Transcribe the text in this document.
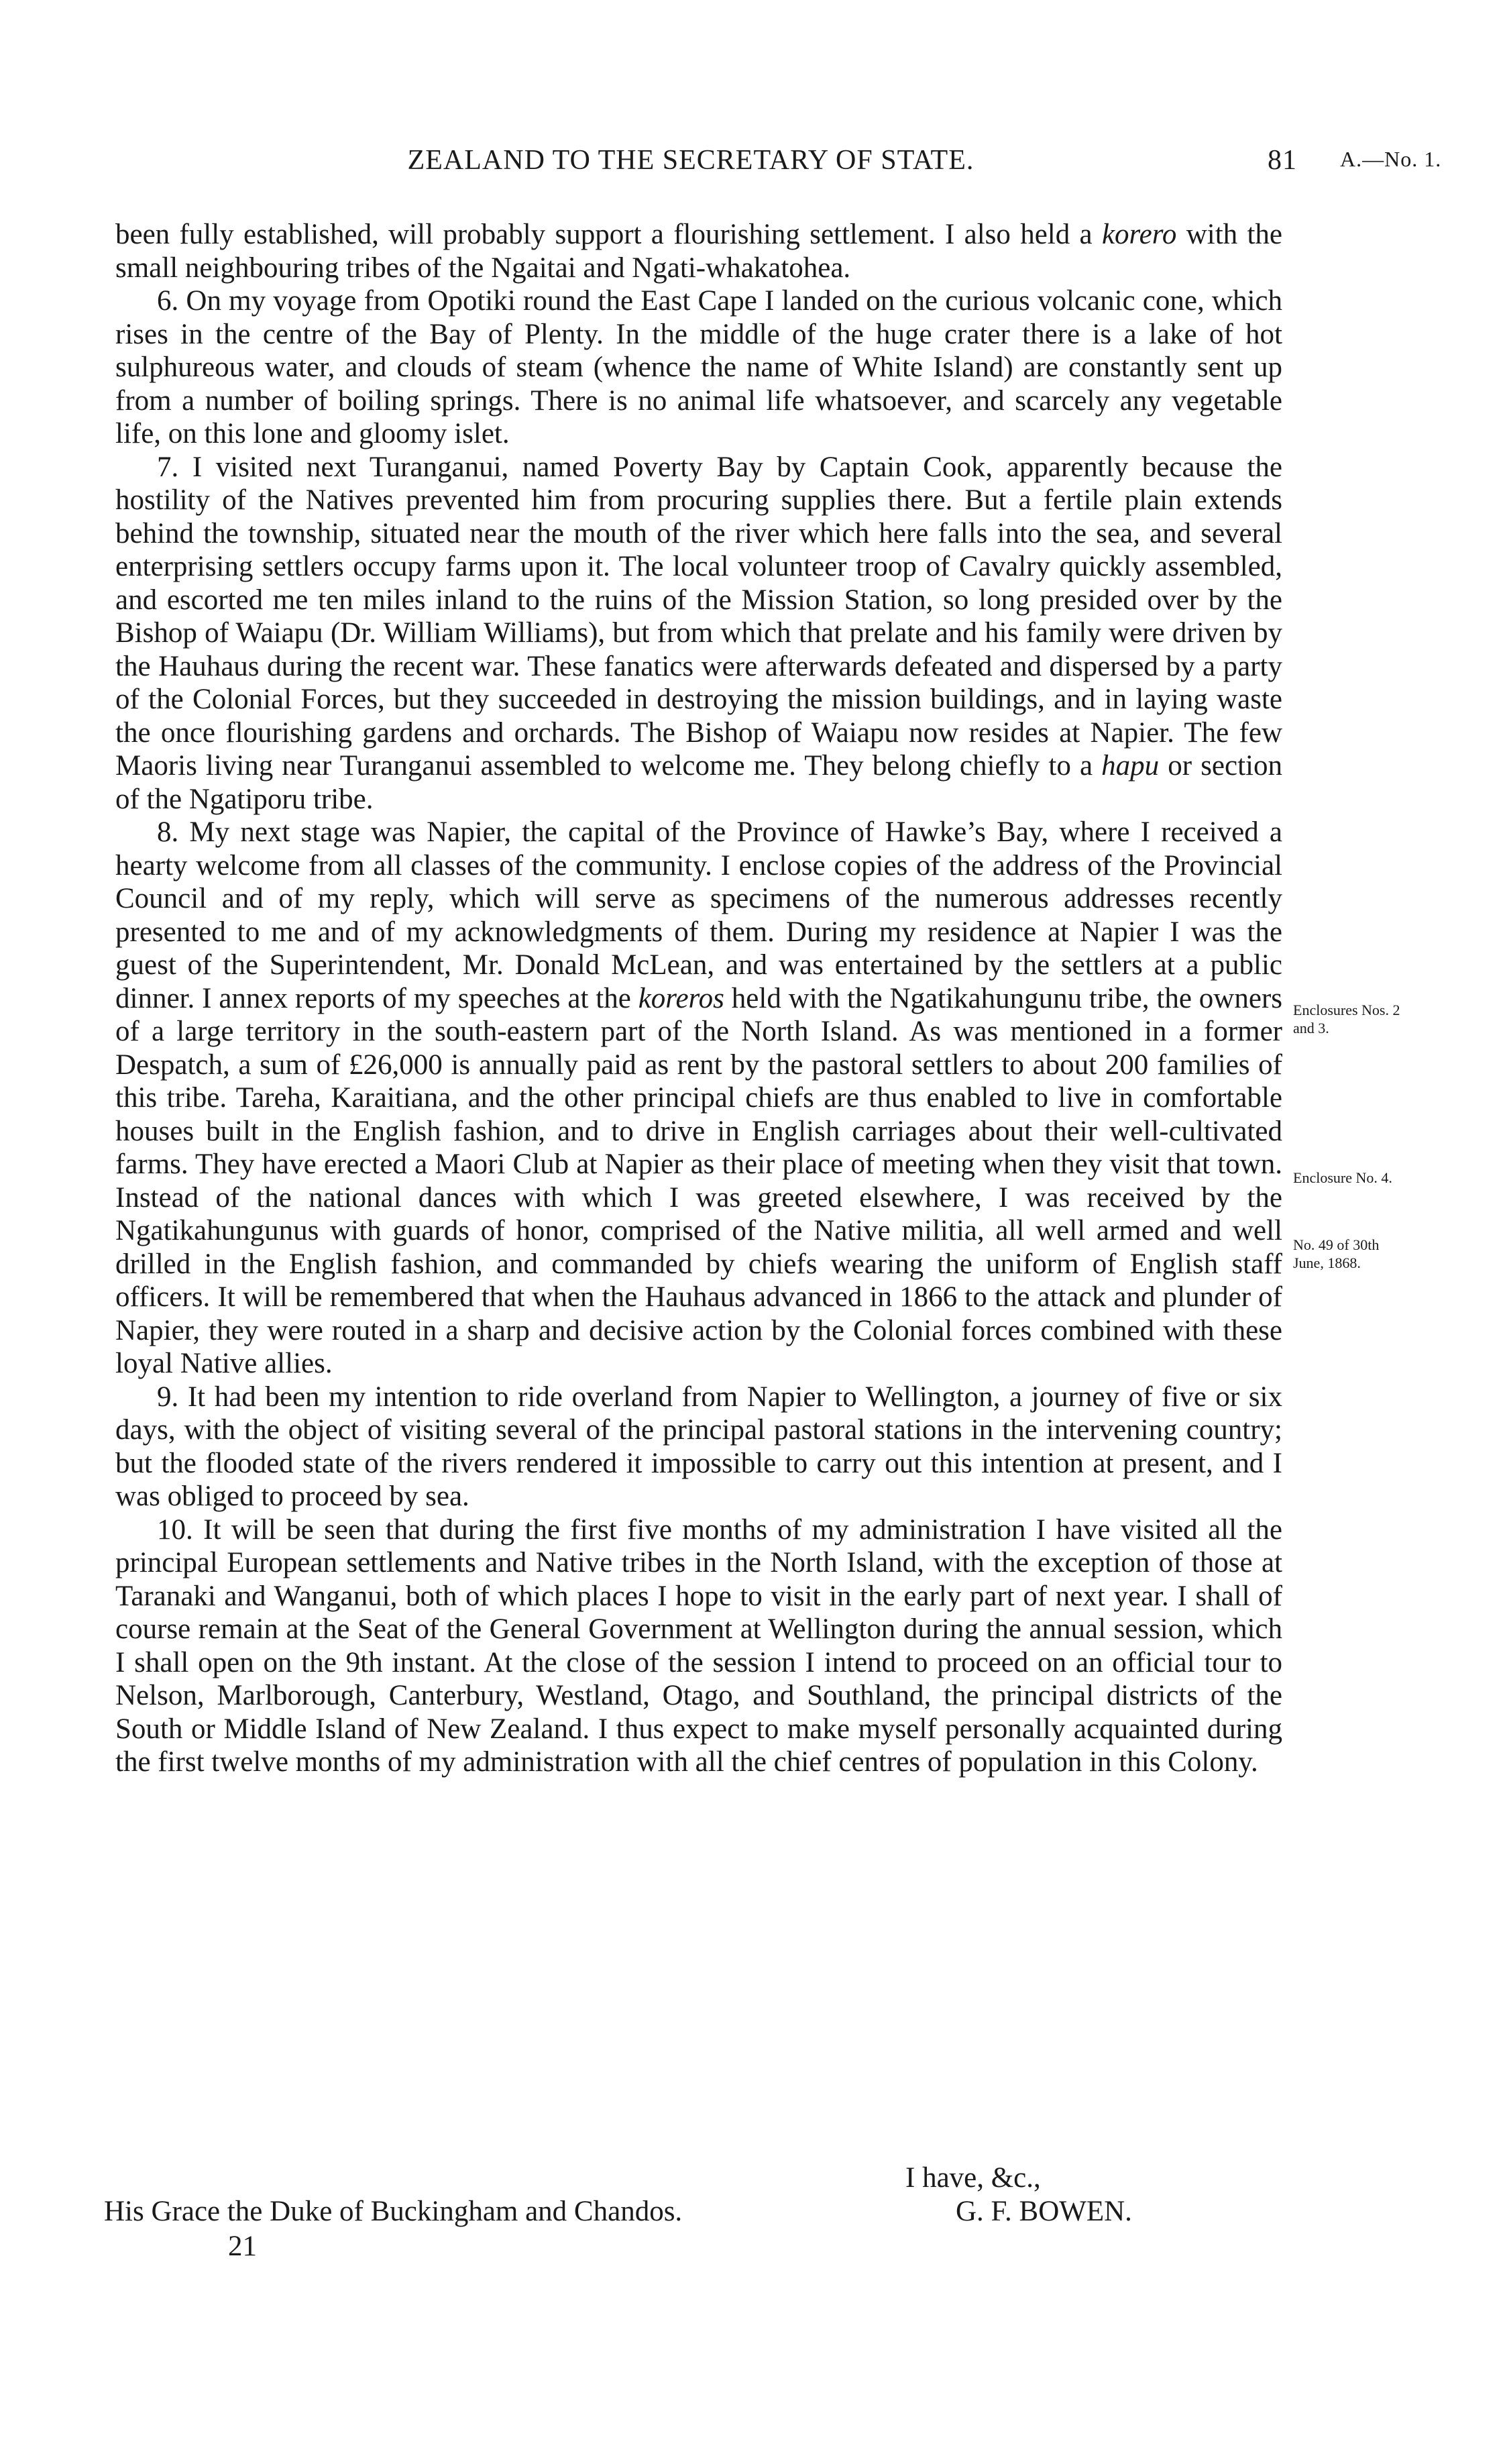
ZEALAND TO THE SECRETARY OF STATE.	81 A.—No. 1.

been fully established, will probably support a flourishing settlement. I also held a korero with the small neighbouring tribes of the Ngaitai and Ngati-whakatohea.

6. On my voyage from Opotiki round the East Cape I landed on the curious volcanic cone, which rises in the centre of the Bay of Plenty. In the middle of the huge crater there is a lake of hot sulphureous water, and clouds of steam (whence the name of White Island) are constantly sent up from a number of boiling springs. There is no animal life whatsoever, and scarcely any vegetable life, on this lone and gloomy islet.

7. I visited next Turanganui, named Poverty Bay by Captain Cook, apparently because the hostility of the Natives prevented him from procuring supplies there. But a fertile plain extends behind the township, situated near the mouth of the river which here falls into the sea, and several enterprising settlers occupy farms upon it. The local volunteer troop of Cavalry quickly assembled, and escorted me ten miles inland to the ruins of the Mission Station, so long presided over by the Bishop of Waiapu (Dr. William Williams), but from which that prelate and his family were driven by the Hauhaus during the recent war. These fanatics were afterwards defeated and dispersed by a party of the Colonial Forces, but they succeeded in destroying the mission buildings, and in laying waste the once flourishing gardens and orchards. The Bishop of Waiapu now resides at Napier. The few Maoris living near Turanganui assembled to welcome me. They belong chiefly to a hapu or section of the Ngatiporu tribe.

8. My next stage was Napier, the capital of the Province of Hawke’s Bay, where I received a hearty welcome from all classes of the community. I enclose copies of the address of the Provincial Council and of my reply, which will serve as specimens of the numerous addresses recently presented to me and of my acknowledgments of them. During my residence at Napier I was the guest of the Superintendent, Mr. Donald McLean, and was entertained by the settlers at a public dinner. I annex reports of my speeches at the koreros held with the Ngatikahungunu tribe, the owners of a large territory in the south-eastern part of the North Island. As was mentioned in a former Despatch, a sum of £26,000 is annually paid as rent by the pastoral settlers to about 200 families of this tribe. Tareha, Karaitiana, and the other principal chiefs are thus enabled to live in comfortable houses built in the English fashion, and to drive in English carriages about their well-cultivated farms. They have erected a Maori Club at Napier as their place of meeting when they visit that town. Instead of the national dances with which I was greeted elsewhere, I was received by the Ngatikahungunus with guards of honor, comprised of the Native militia, all well armed and well drilled in the English fashion, and commanded by chiefs wearing the uniform of English staff officers. It will be remembered that when the Hauhaus advanced in 1866 to the attack and plunder of Napier, they were routed in a sharp and decisive action by the Colonial forces combined with these loyal Native allies.

9. It had been my intention to ride overland from Napier to Wellington, a journey of five or six days, with the object of visiting several of the principal pastoral stations in the intervening country; but the flooded state of the rivers rendered it impossible to carry out this intention at present, and I was obliged to proceed by sea.

10. It will be seen that during the first five months of my administration I have visited all the principal European settlements and Native tribes in the North Island, with the exception of those at Taranaki and Wanganui, both of which places I hope to visit in the early part of next year. I shall of course remain at the Seat of the General Government at Wellington during the annual session, which I shall open on the 9th instant. At the close of the session I intend to proceed on an official tour to Nelson, Marlborough, Canterbury, Westland, Otago, and Southland, the principal districts of the South or Middle Island of New Zealand. I thus expect to make myself personally acquainted during the first twelve months of my administration with all the chief centres of population in this Colony.

Enclosures Nos. 2
and 3.
Enclosure No. 4.
No. 49 of 30th
June, 1868.
I have, &c.,
G. F. BOWEN.
His Grace the Duke of Buckingham and Chandos.
21
